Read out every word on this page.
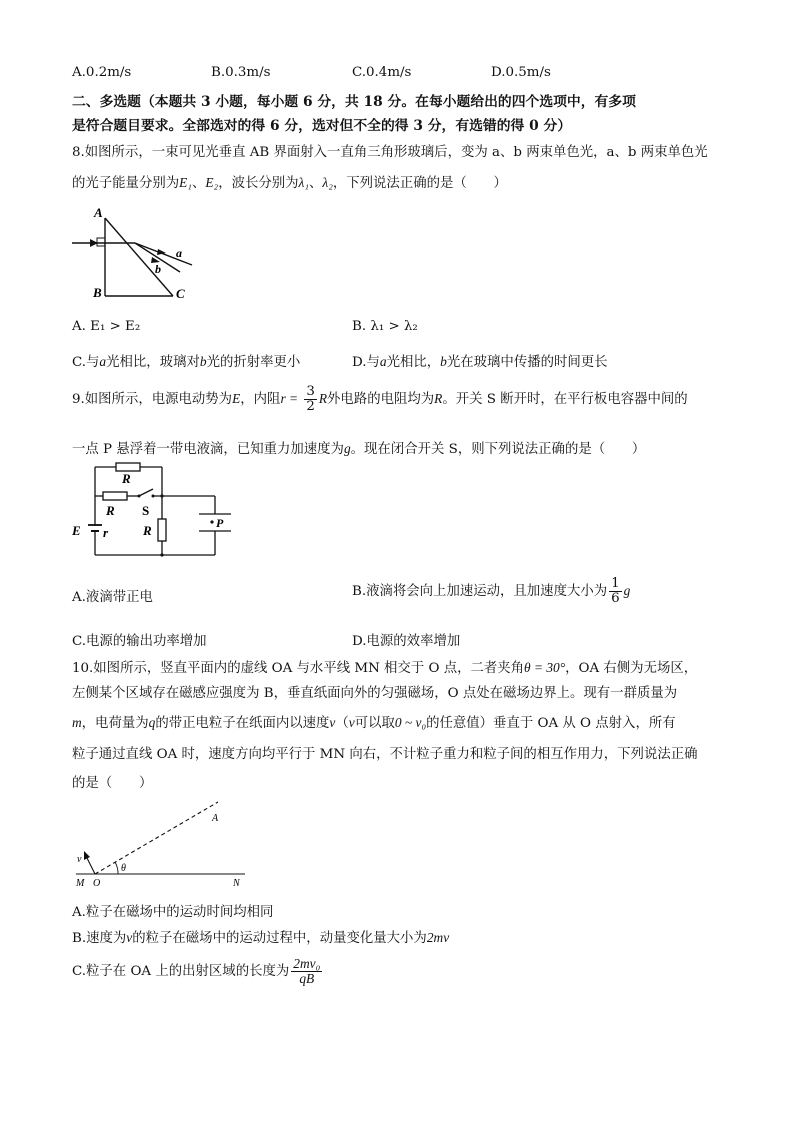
A.0.2m/s	B.0.3m/s	C.0.4m/s	D.0.5m/s
二、多选题（本题共 3 小题，每小题 6 分，共 18 分。在每小题给出的四个选项中，有多项
是符合题目要求。全部选对的得 6 分，选对但不全的得 3 分，有选错的得 0 分）
8.如图所示，一束可见光垂直 AB 界面射入一直角三角形玻璃后，变为 a、b 两束单色光，a、b 两束单色光
的光子能量分别为E₁、E₂，波长分别为λ₁、λ₂，下列说法正确的是（　　）
A
B	C
a
b
A. E₁ > E₂	B. λ₁ > λ₂
C.与a光相比，玻璃对b光的折射率更小	D.与a光相比，b光在玻璃中传播的时间更长
9.如图所示，电源电动势为E，内阻$r = \frac{3}{2}$ R外电路的电阻均为R。开关 S 断开时，在平行板电容器中间的
一点 P 悬浮着一带电液滴，已知重力加速度为g。现在闭合开关 S，则下列说法正确的是（　　）
R
R S
R
E r
P
A.液滴带正电	B.液滴将会向上加速运动，且加速度大小为 $\frac{1}{6}$ g
C.电源的输出功率增加	D.电源的效率增加
10.如图所示，竖直平面内的虚线 OA 与水平线 MN 相交于 O 点，二者夹角θ = 30°，OA 右侧为无场区，
左侧某个区域存在磁感应强度为 B，垂直纸面向外的匀强磁场，O 点处在磁场边界上。现有一群质量为
m，电荷量为q的带正电粒子在纸面内以速度v（v可以取0 ~ v₀的任意值）垂直于 OA 从 O 点射入，所有
粒子通过直线 OA 时，速度方向均平行于 MN 向右，不计粒子重力和粒子间的相互作用力，下列说法正确
的是（　　）
A
v
θ
M O	N
A.粒子在磁场中的运动时间均相同
B.速度为v的粒子在磁场中的运动过程中，动量变化量大小为2mv
C.粒子在 OA 上的出射区域的长度为 $\frac{\text{2mv₀}}{qB}$
